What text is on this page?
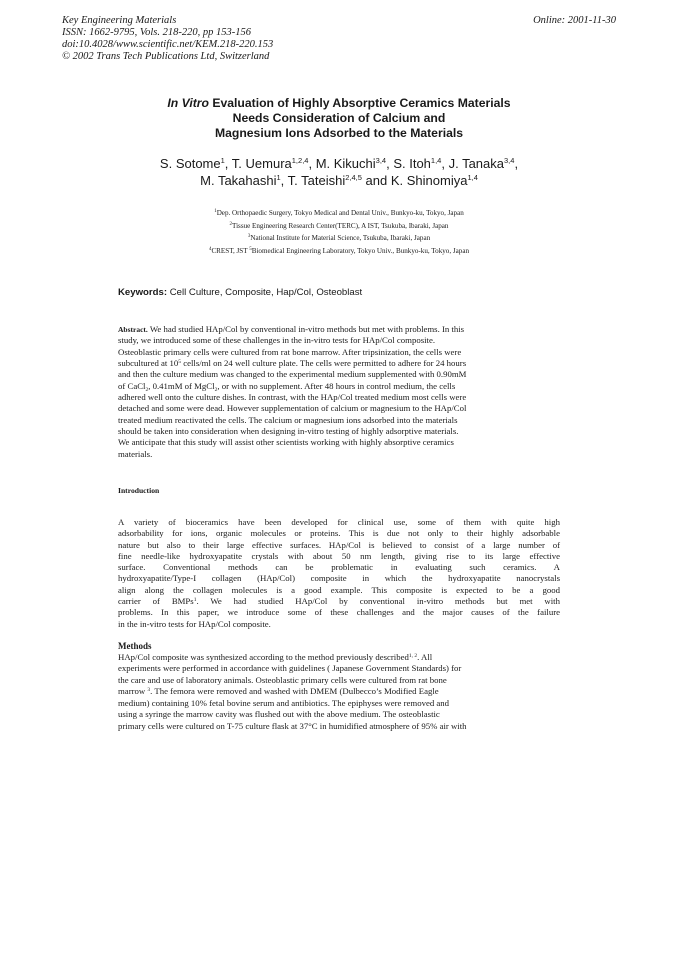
Key Engineering Materials
ISSN: 1662-9795, Vols. 218-220, pp 153-156
doi:10.4028/www.scientific.net/KEM.218-220.153
© 2002 Trans Tech Publications Ltd, Switzerland
Online: 2001-11-30
In Vitro Evaluation of Highly Absorptive Ceramics Materials
Needs Consideration of Calcium and
Magnesium Ions Adsorbed to the Materials
S. Sotome$^1$, T. Uemura$^{1,2,4}$, M. Kikuchi$^{3,4}$, S. Itoh$^{1,4}$, J. Tanaka$^{3,4}$,
M. Takahashi$^1$, T. Tateishi$^{2,4,5}$ and K. Shinomiya$^{1,4}$
$^1$Dep. Orthopaedic Surgery, Tokyo Medical and Dental Univ., Bunkyo-ku, Tokyo, Japan
$^2$Tissue Engineering Research Center(TERC), A IST, Tsukuba, Ibaraki, Japan
$^3$National Institute for Material Science, Tsukuba, Ibaraki, Japan
$^4$CREST, JST $^5$Biomedical Engineering Laboratory, Tokyo Univ., Bunkyo-ku, Tokyo, Japan
Keywords: Cell Culture, Composite, Hap/Col, Osteoblast
Abstract. We had studied HAp/Col by conventional in-vitro methods but met with problems. In this
study, we introduced some of these challenges in the in-vitro tests for HAp/Col composite.
Osteoblastic primary cells were cultured from rat bone marrow. After tripsinization, the cells were
subcultured at $10^5$ cells/ml on 24 well culture plate. The cells were permitted to adhere for 24 hours
and then the culture medium was changed to the experimental medium supplemented with 0.90mM
of CaCl$_2$, 0.41mM of MgCl$_2$, or with no supplement. After 48 hours in control medium, the cells
adhered well onto the culture dishes. In contrast, with the HAp/Col treated medium most cells were
detached and some were dead. However supplementation of calcium or magnesium to the HAp/Col
treated medium reactivated the cells. The calcium or magnesium ions adsorbed into the materials
should be taken into consideration when designing in-vitro testing of highly adsorptive materials.
We anticipate that this study will assist other scientists working with highly absorptive ceramics
materials.
Introduction
A variety of bioceramics have been developed for clinical use, some of them with quite high
adsorbability for ions, organic molecules or proteins. This is due not only to their highly adsorbable
nature but also to their large effective surfaces. HAp/Col is believed to consist of a large number of
fine needle-like hydroxyapatite crystals with about 50 nm length, giving rise to its large effective
surface. Conventional methods can be problematic in evaluating such ceramics. A
hydroxyapatite/Type-I collagen (HAp/Col) composite in which the hydroxyapatite nanocrystals
align along the collagen molecules is a good example. This composite is expected to be a good
carrier of BMPs$^1$. We had studied HAp/Col by conventional in-vitro methods but met with
problems. In this paper, we introduce some of these challenges and the major causes of the failure
in the in-vitro tests for HAp/Col composite.
Methods
HAp/Col composite was synthesized according to the method previously described$^{1, 2}$. All
experiments were performed in accordance with guidelines ( Japanese Government Standards) for
the care and use of laboratory animals. Osteoblastic primary cells were cultured from rat bone
marrow $^3$. The femora were removed and washed with DMEM (Dulbecco’s Modified Eagle
medium) containing 10% fetal bovine serum and antibiotics. The epiphyses were removed and
using a syringe the marrow cavity was flushed out with the above medium. The osteoblastic
primary cells were cultured on T-75 culture flask at 37°C in humidified atmosphere of 95% air with
